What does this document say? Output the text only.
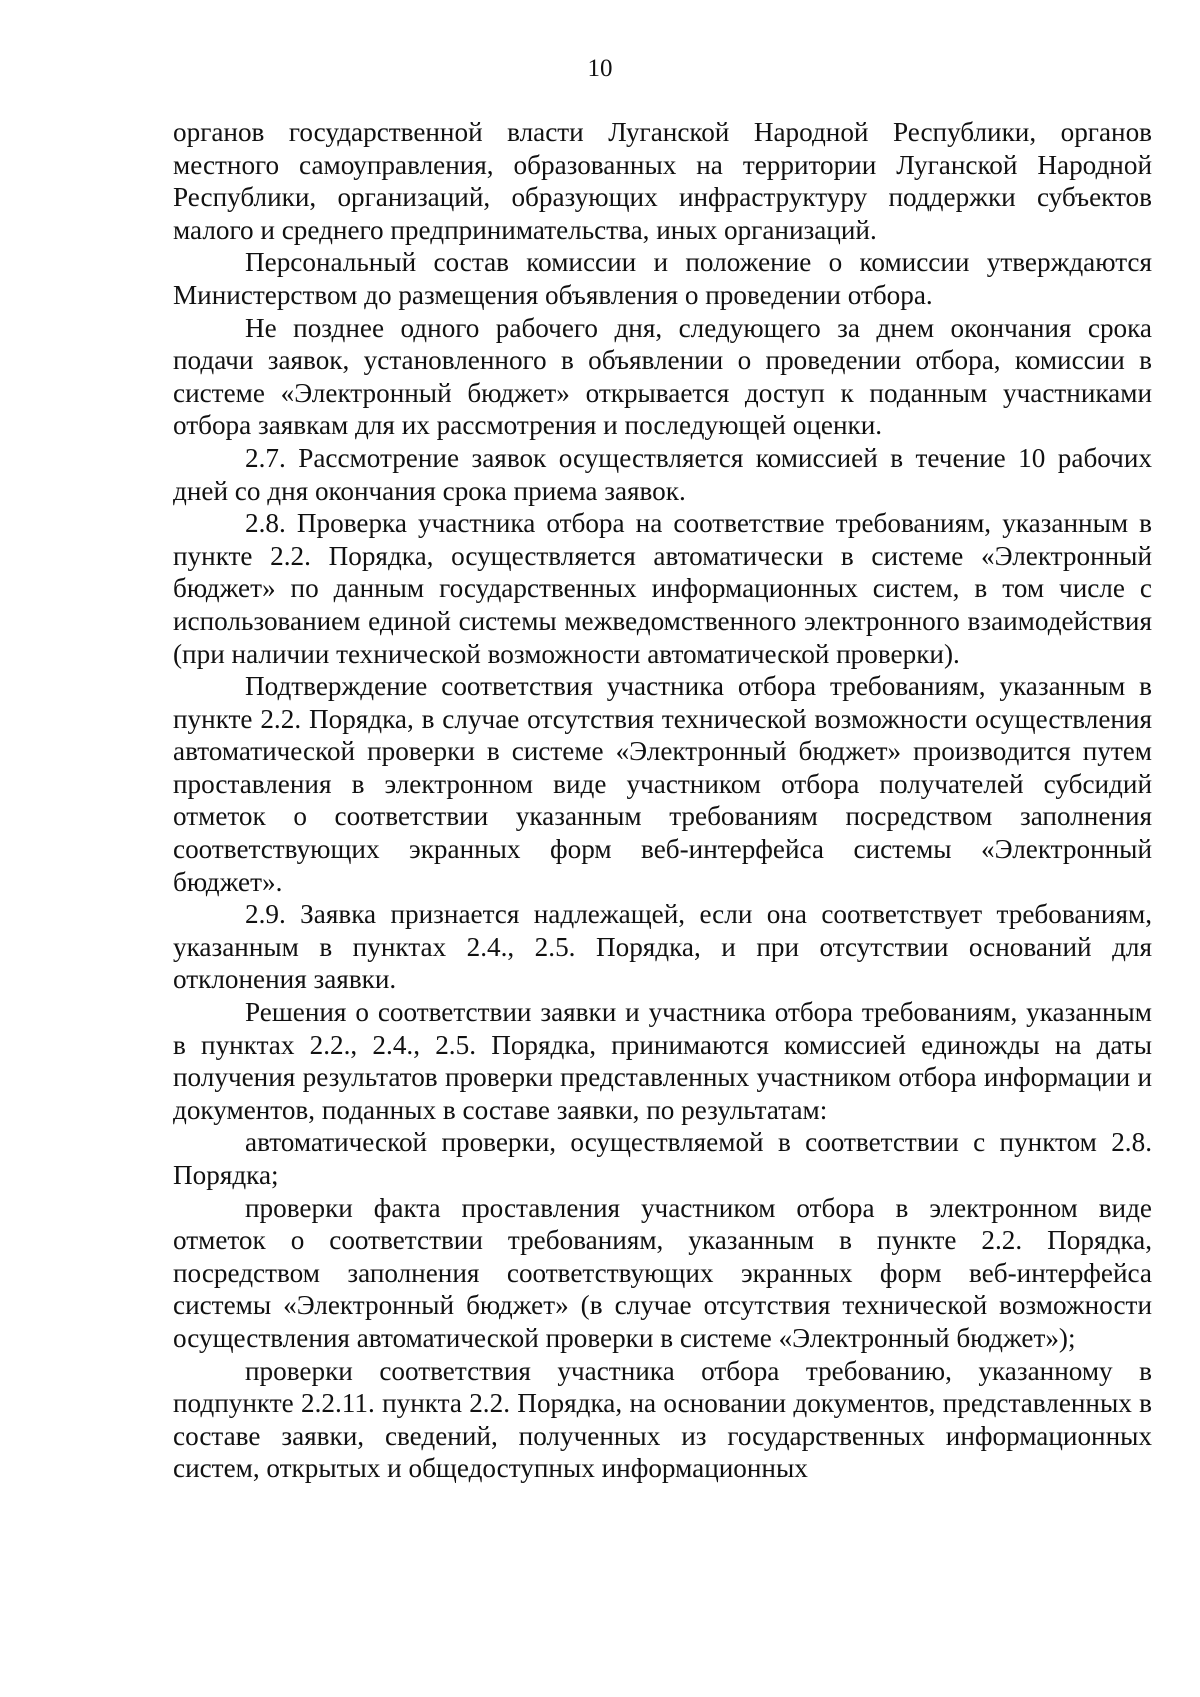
10

органов государственной власти Луганской Народной Республики, органов местного самоуправления, образованных на территории Луганской Народной Республики, организаций, образующих инфраструктуру поддержки субъектов малого и среднего предпринимательства, иных организаций.

Персональный состав комиссии и положение о комиссии утверждаются Министерством до размещения объявления о проведении отбора.

Не позднее одного рабочего дня, следующего за днем окончания срока подачи заявок, установленного в объявлении о проведении отбора, комиссии в системе «Электронный бюджет» открывается доступ к поданным участниками отбора заявкам для их рассмотрения и последующей оценки.

2.7. Рассмотрение заявок осуществляется комиссией в течение 10 рабочих дней со дня окончания срока приема заявок.

2.8. Проверка участника отбора на соответствие требованиям, указанным в пункте 2.2. Порядка, осуществляется автоматически в системе «Электронный бюджет» по данным государственных информационных систем, в том числе с использованием единой системы межведомственного электронного взаимодействия (при наличии технической возможности автоматической проверки).

Подтверждение соответствия участника отбора требованиям, указанным в пункте 2.2. Порядка, в случае отсутствия технической возможности осуществления автоматической проверки в системе «Электронный бюджет» производится путем проставления в электронном виде участником отбора получателей субсидий отметок о соответствии указанным требованиям посредством заполнения соответствующих экранных форм веб-интерфейса системы «Электронный бюджет».

2.9. Заявка признается надлежащей, если она соответствует требованиям, указанным в пунктах 2.4., 2.5. Порядка, и при отсутствии оснований для отклонения заявки.

Решения о соответствии заявки и участника отбора требованиям, указанным в пунктах 2.2., 2.4., 2.5. Порядка, принимаются комиссией единожды на даты получения результатов проверки представленных участником отбора информации и документов, поданных в составе заявки, по результатам:

автоматической проверки, осуществляемой в соответствии с пунктом 2.8. Порядка;

проверки факта проставления участником отбора в электронном виде отметок о соответствии требованиям, указанным в пункте 2.2. Порядка, посредством заполнения соответствующих экранных форм веб-интерфейса системы «Электронный бюджет» (в случае отсутствия технической возможности осуществления автоматической проверки в системе «Электронный бюджет»);

проверки соответствия участника отбора требованию, указанному в подпункте 2.2.11. пункта 2.2. Порядка, на основании документов, представленных в составе заявки, сведений, полученных из государственных информационных систем, открытых и общедоступных информационных
